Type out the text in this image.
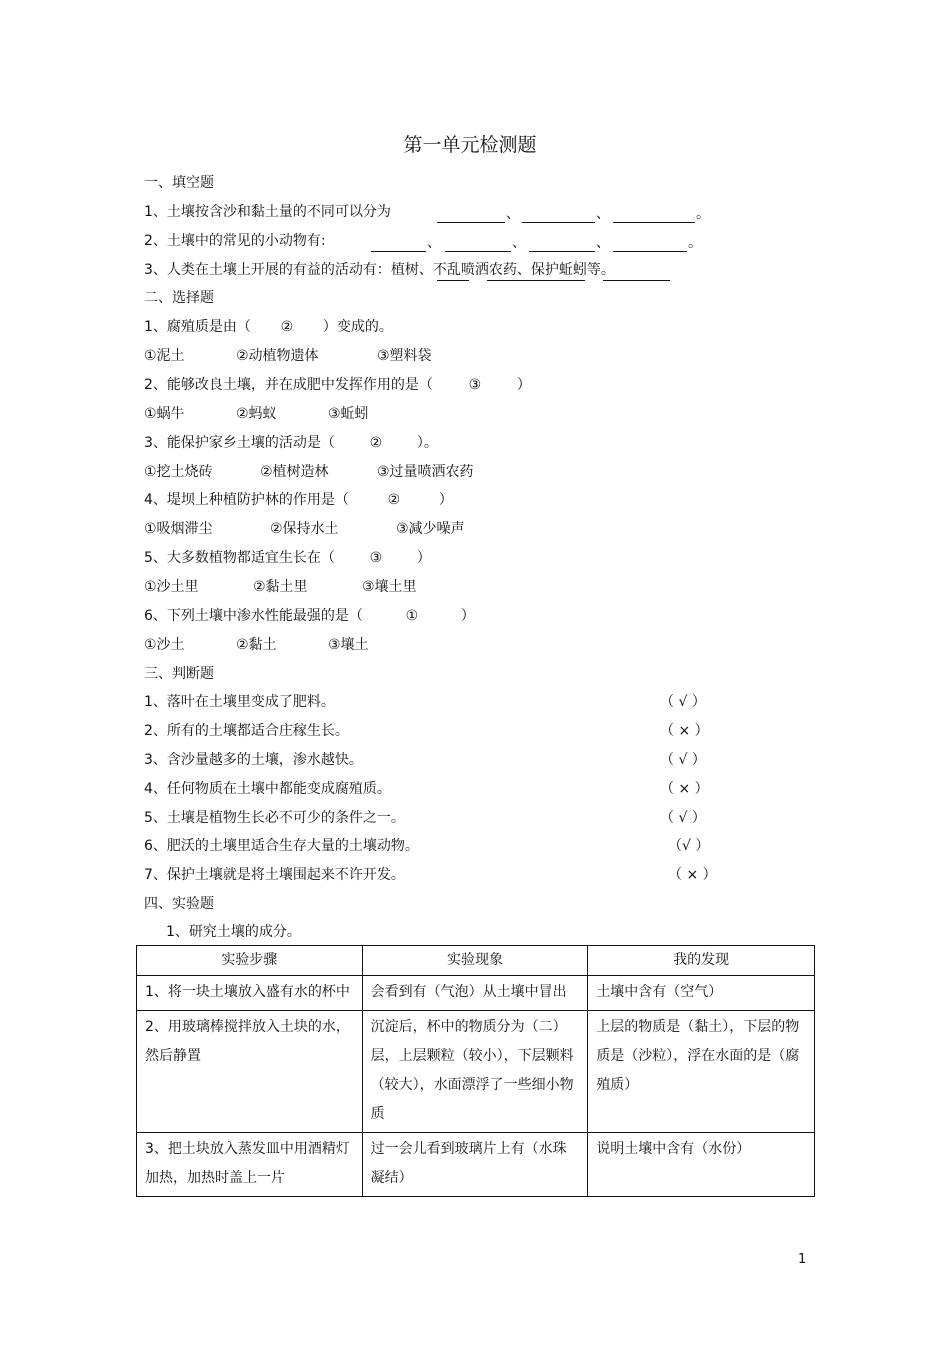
第一单元检测题
一、填空题
1、土壤按含沙和黏土量的不同可以分为	、	、	。
2、土壤中的常见的小动物有:	、	、	、	。
3、人类在土壤上开展的有益的活动有：植树、不乱喷洒农药、保护蚯蚓等。
二、选择题
1、腐殖质是由（ ② ）变成的。
①泥土	②动植物遗体	③塑料袋
2、能够改良土壤，并在成肥中发挥作用的是（	③	）
①蜗牛	②蚂蚁	③蚯蚓
3、能保护家乡土壤的活动是（ ② ）。
①挖土烧砖	②植树造林	③过量喷洒农药
4、堤坝上种植防护林的作用是（	②	）
①吸烟滞尘	②保持水土	③减少噪声
5、大多数植物都适宜生长在（ ③ ）
①沙土里	②黏土里	③壤土里
6、下列土壤中渗水性能最强的是（	①	）
①沙土	②黏土	③壤土
三、判断题
1、落叶在土壤里变成了肥料。	（ √ ）
2、所有的土壤都适合庄稼生长。	（ × ）
3、含沙量越多的土壤，渗水越快。	（ √ ）
4、任何物质在土壤中都能变成腐殖质。	（ × ）
5、土壤是植物生长必不可少的条件之一。	（ √ ）
6、肥沃的土壤里适合生存大量的土壤动物。	（√ ）
7、保护土壤就是将土壤围起来不许开发。	（ × ）
四、实验题
1、研究土壤的成分。
实验步骤	实验现象	我的发现
1、将一块土壤放入盛有水的杯中	会看到有（气泡）从土壤中冒出	土壤中含有（空气）
2、用玻璃棒搅拌放入土块的水，然后静置	沉淀后，杯中的物质分为（二）层，上层颗粒（较小），下层颗料（较大），水面漂浮了一些细小物质	上层的物质是（黏土），下层的物质是（沙粒），浮在水面的是（腐殖质）
3、把土块放入蒸发皿中用酒精灯加热，加热时盖上一片	过一会儿看到玻璃片上有（水珠凝结）	说明土壤中含有（水份）
1
